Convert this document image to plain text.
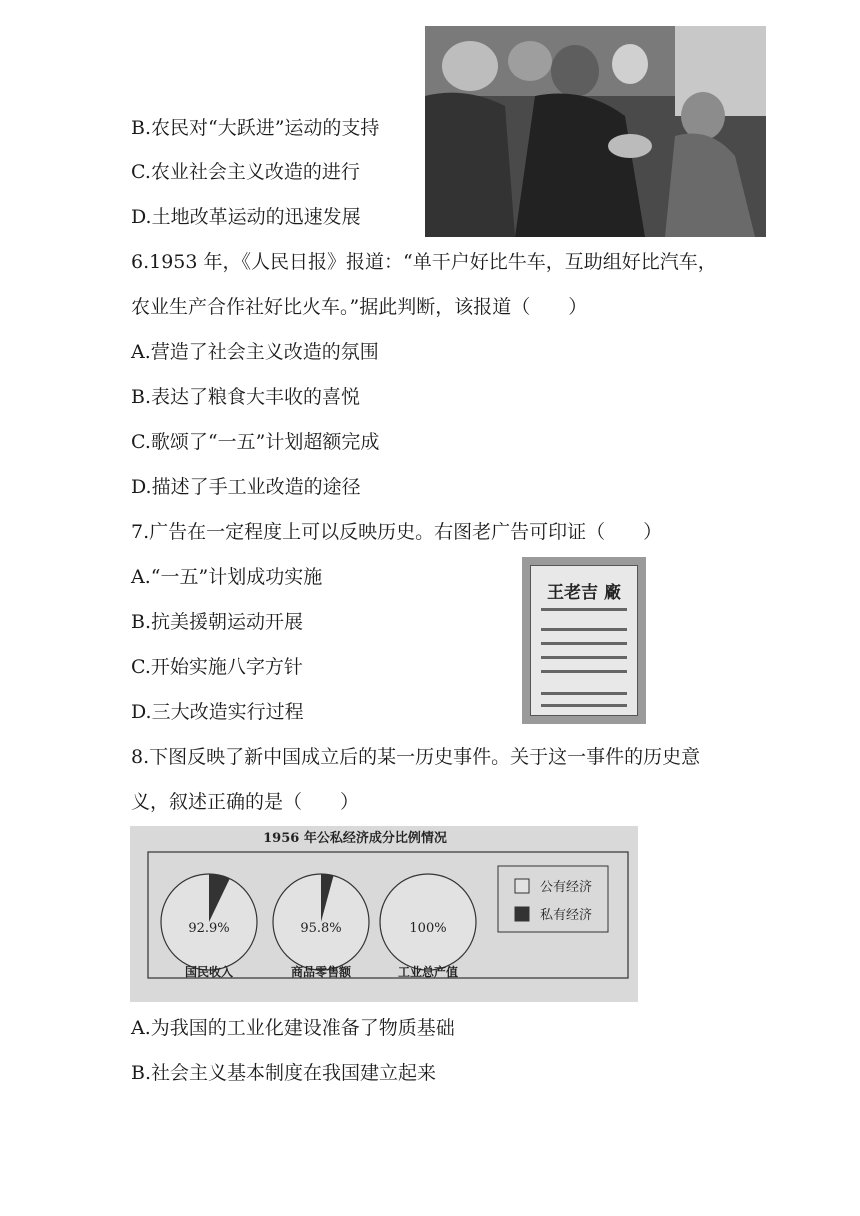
B.农民对“大跃进”运动的支持
C.农业社会主义改造的进行
D.土地改革运动的迅速发展
6.1953 年，《人民日报》报道：“单干户好比牛车，互助组好比汽车，
农业生产合作社好比火车。”据此判断，该报道（　　）
A.营造了社会主义改造的氛围
B.表达了粮食大丰收的喜悦
C.歌颂了“一五”计划超额完成
D.描述了手工业改造的途径
7.广告在一定程度上可以反映历史。右图老广告可印证（　　）
A.“一五”计划成功实施
B.抗美援朝运动开展
C.开始实施八字方针
D.三大改造实行过程
王老吉 廠
8.下图反映了新中国成立后的某一历史事件。关于这一事件的历史意
义，叙述正确的是（　　）
1956 年公私经济成分比例情况
92.9%
国民收入
95.8%
商品零售额
100%
工业总产值
公有经济
私有经济
A.为我国的工业化建设准备了物质基础
B.社会主义基本制度在我国建立起来
